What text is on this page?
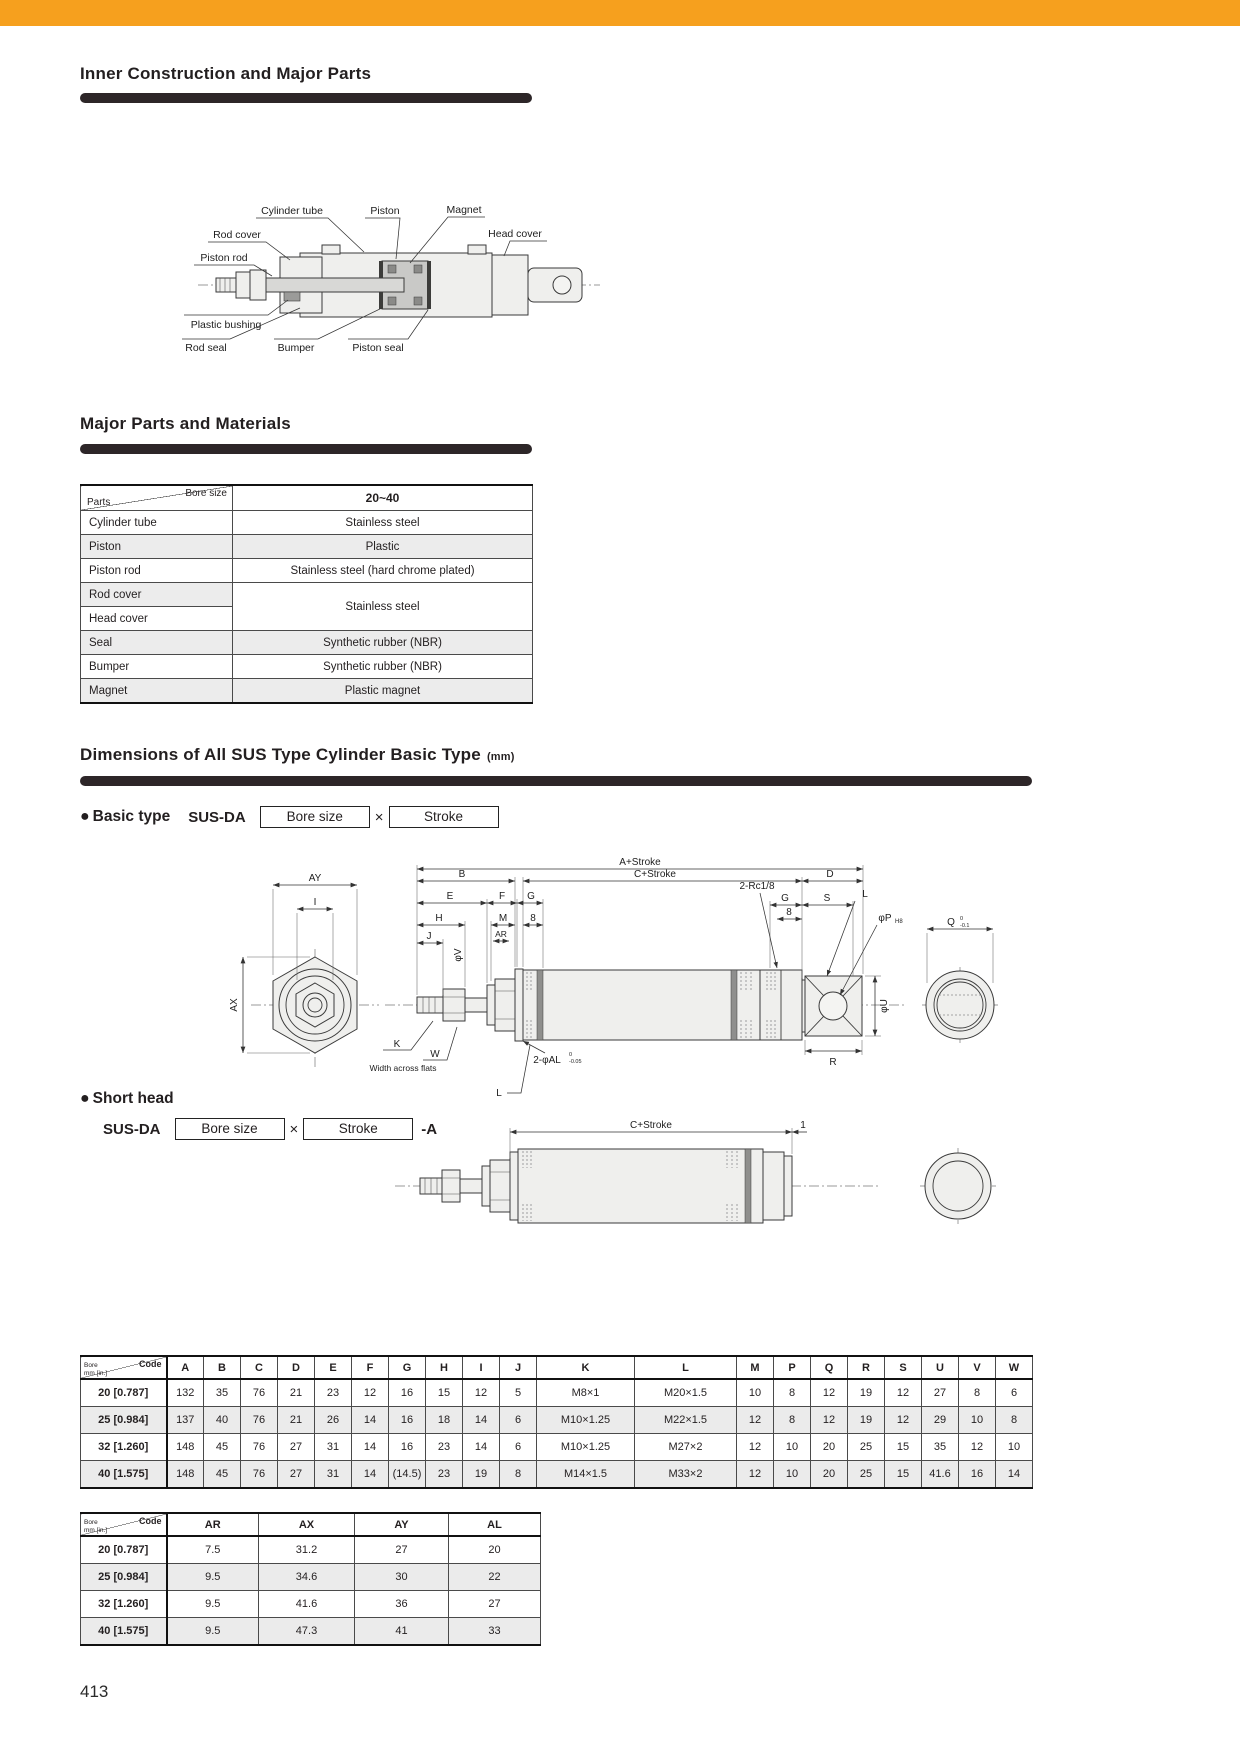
Inner Construction and Major Parts
Cylinder tube	Piston	Magnet
Rod cover	Head cover
Piston rod
Plastic bushing
Rod seal	Bumper	Piston seal
Major Parts and Materials
Bore size
Parts	20~40
Cylinder tube	Stainless steel
Piston	Plastic
Piston rod	Stainless steel (hard chrome plated)
Rod cover	Stainless steel
Head cover	
Seal	Synthetic rubber (NBR)
Bumper	Synthetic rubber (NBR)
Magnet	Plastic magnet
Dimensions of All SUS Type Cylinder Basic Type (mm)
● Basic type SUS-DA	Bore size	×	Stroke
AY
I
AX
A+Stroke
B	C+Stroke	D
E	F G
H	M 8
J	AR
φV
G	S
8
2-Rc1/8
L
φP H8	Q 0
-0.1
R
φU
K
W
Width across flats
2-φAL 0
-0.05
L
● Short head
SUS-DA	Bore size	×	Stroke	-A	C+Stroke	1
Code
Bore
mm [in.]	A	B	C	D	E	F	G	H	I	J	K	L	M	P	Q	R	S	U	V	W
20 [0.787]	132	35	76	21	23	12	16	15	12	5	M8×1	M20×1.5	10	8	12	19	12	27	8	6
25 [0.984]	137	40	76	21	26	14	16	18	14	6	M10×1.25	M22×1.5	12	8	12	19	12	29	10	8
32 [1.260]	148	45	76	27	31	14	16	23	14	6	M10×1.25	M27×2	12	10	20	25	15	35	12	10
40 [1.575]	148	45	76	27	31	14	(14.5)	23	19	8	M14×1.5	M33×2	12	10	20	25	15	41.6	16	14
Code
Bore
mm [in.]	AR	AX	AY	AL
20 [0.787]	7.5	31.2	27	20
25 [0.984]	9.5	34.6	30	22
32 [1.260]	9.5	41.6	36	27
40 [1.575]	9.5	47.3	41	33
413
